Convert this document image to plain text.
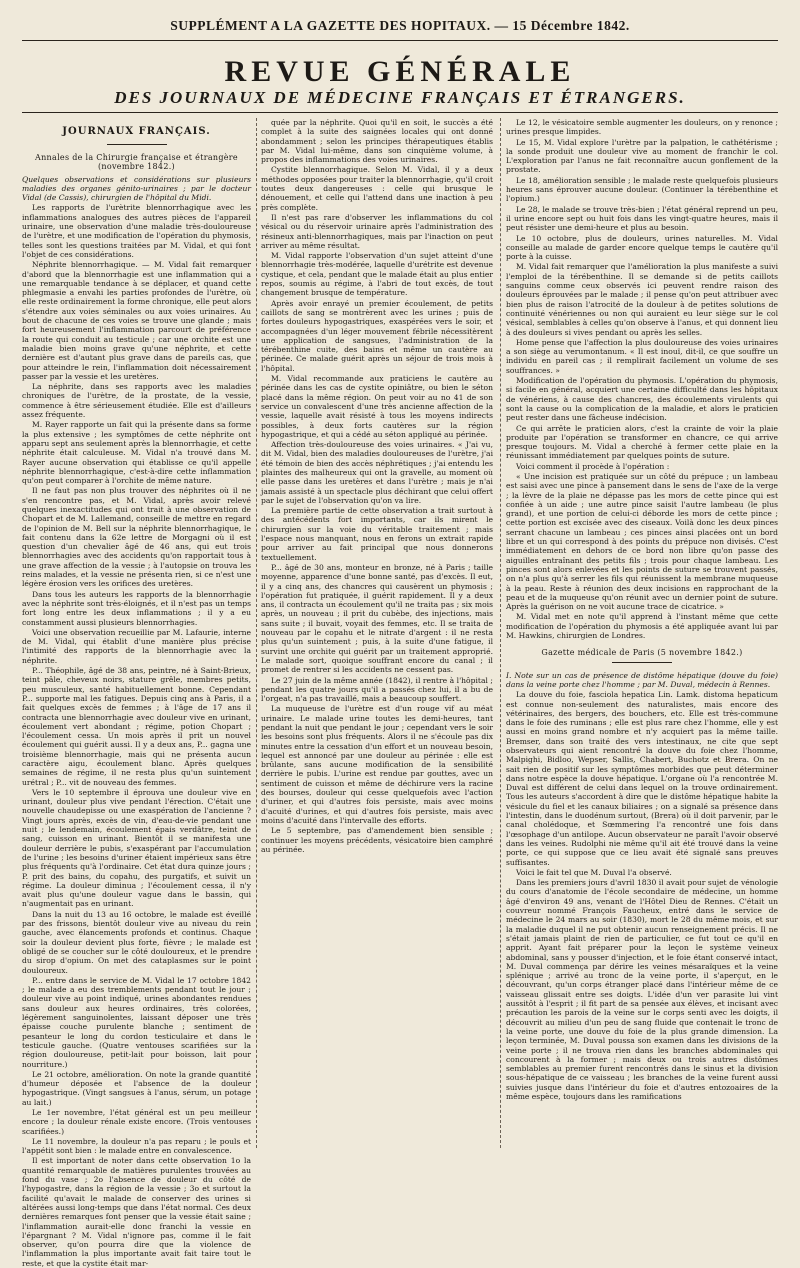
SUPPLÉMENT A LA GAZETTE DES HOPITAUX. — 15 Décembre 1842.
REVUE GÉNÉRALE
DES JOURNAUX DE MÉDECINE FRANÇAIS ET ÉTRANGERS.
JOURNAUX FRANÇAIS.
Annales de la Chirurgie française et étrangère (novembre 1842.)

Quelques observations et considérations sur plusieurs maladies des organes génito-urinaires ; par le docteur Vidal (de Cassis), chirurgien de l'hôpital du Midi.

Les rapports de l'urètrite blennorrhagique avec les inflammations analogues des autres pièces de l'appareil urinaire, une observation d'une maladie très-douloureuse de l'urètre, et une modification de l'opération du phymosis, telles sont les questions traitées par M. Vidal, et qui font l'objet de ces considérations.

Néphrite blennorrhagique. — M. Vidal fait remarquer d'abord que la blennorrhagie est une inflammation qui a une remarquable tendance à se déplacer, et quand cette phlegmasie a envahi les parties profondes de l'urètre, où elle reste ordinairement la forme chronique, elle peut alors s'étendre aux voies séminales ou aux voies urinaires. Au bout de chacune de ces voies se trouve une glande ; mais fort heureusement l'inflammation parcourt de préférence la route qui conduit au testicule ; car une orchite est une maladie bien moins grave qu'une néphrite, et cette dernière est d'autant plus grave dans de pareils cas, que pour atteindre le rein, l'inflammation doit nécessairement passer par la vessie et les uretères.

La néphrite, dans ses rapports avec les maladies chroniques de l'urètre, de la prostate, de la vessie, commence à être sérieusement étudiée. Elle est d'ailleurs assez fréquente.

M. Rayer rapporte un fait qui la présente dans sa forme la plus extensive ; les symptômes de cette néphrite ont apparu sept ans seulement après la blennorrhagie, et cette néphrite était calculeuse. M. Vidal n'a trouvé dans M. Rayer aucune observation qui établisse ce qu'il appelle néphrite blennorrhagique, c'est-à-dire cette inflammation qu'on peut comparer à l'orchite de même nature.

Il ne faut pas non plus trouver des néphrites où il ne s'en rencontre pas, et M. Vidal, après avoir relevé quelques inexactitudes qui ont trait à une observation de Chopart et de M. Lallemand, conseille de mettre en regard de l'opinion de M. Bell sur la néphrite blennorrhagique, le fait contenu dans la 62e lettre de Morgagni où il est question d'un chevalier âgé de 46 ans, qui eut trois blennorrhagies avec des accidents qu'on rapportait tous à une grave affection de la vessie ; à l'autopsie on trouva les reins malades, et la vessie ne présenta rien, si ce n'est une légère érosion vers les orifices des uretères.

Dans tous les auteurs les rapports de la blennorrhagie avec la néphrite sont très-éloignés, et il n'est pas un temps fort long entre les deux inflammations ; il y a eu constamment aussi plusieurs blennorrhagies.

Voici une observation recueillie par M. Lafaurie, interne de M. Vidal, qui établit d'une manière plus précise l'intimité des rapports de la blennorrhagie avec la néphrite.

P... Théophile, âgé de 38 ans, peintre, né à Saint-Brieux, teint pâle, cheveux noirs, stature grêle, membres petits, peu musculeux, santé habituellement bonne. Cependant P... supporte mal les fatigues. Depuis cinq ans à Paris, il a fait quelques excès de femmes ; à l'âge de 17 ans il contracta une blennorrhagie avec douleur vive en urinant, écoulement vert abondant ; régime, potion Chopart ; l'écoulement cessa. Un mois après il prit un nouvel écoulement qui guérit aussi. Il y a deux ans, P... gagna une troisième blennorrhagie, mais qui ne présenta aucun caractère aigu, écoulement blanc. Après quelques semaines de régime, il ne resta plus qu'un suintement urétral ; P... vit de nouveau des femmes.

Vers le 10 septembre il éprouva une douleur vive en urinant, douleur plus vive pendant l'érection. C'était une nouvelle chaudepisse ou une exaspération de l'ancienne ? Vingt jours après, excès de vin, d'eau-de-vie pendant une nuit ; le lendemain, écoulement épais verdâtre, teint de sang, cuisson en urinant. Bientôt il se manifesta une douleur derrière le pubis, s'exaspérant par l'accumulation de l'urine ; les besoins d'uriner étaient impérieux sans être plus fréquents qu'à l'ordinaire. Cet état dura quinze jours ; P. prit des bains, du copahu, des purgatifs, et suivit un régime. La douleur diminua ; l'écoulement cessa, il n'y avait plus qu'une douleur vague dans le bassin, qui n'augmentait pas en urinant.

Dans la nuit du 13 au 16 octobre, le malade est éveillé par des frissons, bientôt douleur vive au niveau du rein gauche, avec élancements profonds et continus. Chaque soir la douleur devient plus forte, fièvre ; le malade est obligé de se coucher sur le côté douloureux, et le prendre du sirop d'opium. On met des cataplasmes sur le point douloureux.

P... entre dans le service de M. Vidal le 17 octobre 1842 ; le malade a eu des tremblements pendant tout le jour ; douleur vive au point indiqué, urines abondantes rendues sans douleur aux heures ordinaires, très colorées, légèrement sanguinolentes, laissant déposer une très épaisse couche purulente blanche ; sentiment de pesanteur le long du cordon testiculaire et dans le testicule gauche. (Quatre ventouses scarifiées sur la région douloureuse, petit-lait pour boisson, lait pour nourriture.)

Le 21 octobre, amélioration. On note la grande quantité d'humeur déposée et l'absence de la douleur hypogastrique. (Vingt sangsues à l'anus, sérum, un potage au lait.)

Le 1er novembre, l'état général est un peu meilleur encore ; la douleur rénale existe encore. (Trois ventouses scarifiées.)

Le 11 novembre, la douleur n'a pas reparu ; le pouls et l'appétit sont bien : le malade entre en convalescence.

Il est important de noter dans cette observation 1o la quantité remarquable de matières purulentes trouvées au fond du vase ; 2o l'absence de douleur du côté de l'hypogastre, dans la région de la vessie ; 3o et surtout la facilité qu'avait le malade de conserver des urines si altérées aussi long-temps que dans l'état normal. Ces deux dernières remarques font penser que la vessie était saine ; l'inflammation aurait-elle donc franchi la vessie en l'épargnant ? M. Vidal n'ignore pas, comme il le fait observer, qu'on pourra dire que la violence de l'inflammation la plus importante avait fait taire tout le reste, et que la cystite était mar-

quée par la néphrite. Quoi qu'il en soit, le succès a été complet à la suite des saignées locales qui ont donné abondamment ; selon les principes thérapeutiques établis par M. Vidal lui-même, dans son cinquième volume, à propos des inflammations des voies urinaires.

Cystite blennorrhagique. Selon M. Vidal, il y a deux méthodes opposées pour traiter la blennorrhagie, qu'il croit toutes deux dangereuses : celle qui brusque le dénouement, et celle qui l'attend dans une inaction à peu près complète.

Il n'est pas rare d'observer les inflammations du col vésical ou du réservoir urinaire après l'administration des résineux anti-blennorrhagiques, mais par l'inaction on peut arriver au même résultat.

M. Vidal rapporte l'observation d'un sujet atteint d'une blennorrhagie très-modérée, laquelle d'urétrite est devenue cystique, et cela, pendant que le malade était au plus entier repos, soumis au régime, à l'abri de tout excès, de tout changement brusque de température.

Après avoir enrayé un premier écoulement, de petits caillots de sang se montrèrent avec les urines ; puis de fortes douleurs hypogastriques, exaspérées vers le soir, et accompagnées d'un léger mouvement fébrile nécessitèrent une application de sangsues, l'administration de la térébenthine cuite, des bains et même un cautère au périnée. Ce malade guérit après un séjour de trois mois à l'hôpital.

M. Vidal recommande aux praticiens le cautère au périnée dans les cas de cystite opiniâtre, ou bien le séton placé dans la même région. On peut voir au no 41 de son service un convalescent d'une très ancienne affection de la vessie, laquelle avait résisté à tous les moyens indirects possibles, à deux forts cautères sur la région hypogastrique, et qui a cédé au séton appliqué au périnée.

Affection très-douloureuse des voies urinaires. « J'ai vu, dit M. Vidal, bien des maladies douloureuses de l'urètre, j'ai été témoin de bien des accès néphrétiques ; j'ai entendu les plaintes des malheureux qui ont la gravelle, au moment où elle passe dans les uretères et dans l'urètre ; mais je n'ai jamais assisté à un spectacle plus déchirant que celui offert par le sujet de l'observation qu'on va lire.

La première partie de cette observation a trait surtout à des antécédents fort importants, car ils mirent le chirurgien sur la voie du véritable traitement ; mais l'espace nous manquant, nous en ferons un extrait rapide pour arriver au fait principal que nous donnerons textuellement.

P... âgé de 30 ans, monteur en bronze, né à Paris ; taille moyenne, apparence d'une bonne santé, pas d'excès. Il eut, il y a cinq ans, des chancres qui causèrent un phymosis ; l'opération fut pratiquée, il guérit rapidement. Il y a deux ans, il contracta un écoulement qu'il ne traita pas ; six mois après, un nouveau ; il prit du cubèbe, des injections, mais sans suite ; il buvait, voyait des femmes, etc. Il se traita de nouveau par le copahu et le nitrate d'argent : il ne resta plus qu'un suintement ; puis, à la suite d'une fatigue, il survint une orchite qui guérit par un traitement approprié. Le malade sort, quoique souffrant encore du canal ; il promet de rentrer si les accidents ne cessent pas.

Le 27 juin de la même année (1842), il rentre à l'hôpital ; pendant les quatre jours qu'il a passés chez lui, il a bu de l'orgeat, n'a pas travaillé, mais a beaucoup souffert.

La muqueuse de l'urètre est d'un rouge vif au méat urinaire. Le malade urine toutes les demi-heures, tant pendant la nuit que pendant le jour ; cependant vers le soir les besoins sont plus fréquents. Alors il ne s'écoule pas dix minutes entre la cessation d'un effort et un nouveau besoin, lequel est annoncé par une douleur au périnée : elle est brûlante, sans aucune modification de la sensibilité derrière le pubis. L'urine est rendue par gouttes, avec un sentiment de cuisson et même de déchirure vers la racine des bourses, douleur qui cesse quelquefois avec l'action d'uriner, et qui d'autres fois persiste, mais avec moins d'acuité d'urines, et qui d'autres fois persiste, mais avec moins d'acuité dans l'intervalle des efforts.

Le 5 septembre, pas d'amendement bien sensible ; continuer les moyens précédents, vésicatoire bien camphré au périnée.

Le 12, le vésicatoire semble augmenter les douleurs, on y renonce ; urines presque limpides.

Le 15, M. Vidal explore l'urètre par la palpation, le cathétérisme ; la sonde produit une douleur vive au moment de franchir le col. L'exploration par l'anus ne fait reconnaître aucun gonflement de la prostate.

Le 18, amélioration sensible ; le malade reste quelquefois plusieurs heures sans éprouver aucune douleur. (Continuer la térébenthine et l'opium.)

Le 28, le malade se trouve très-bien ; l'état général reprend un peu, il urine encore sept ou huit fois dans les vingt-quatre heures, mais il peut résister une demi-heure et plus au besoin.

Le 10 octobre, plus de douleurs, urines naturelles. M. Vidal conseille au malade de garder encore quelque temps le cautère qu'il porte à la cuisse.

M. Vidal fait remarquer que l'amélioration la plus manifeste a suivi l'emploi de la térébenthine. Il se demande si de petits caillots sanguins comme ceux observés ici peuvent rendre raison des douleurs éprouvées par le malade ; il pense qu'on peut attribuer avec bien plus de raison l'atrocité de la douleur à de petites solutions de continuité vénériennes ou non qui auraient eu leur siège sur le col vésical, semblables à celles qu'on observe à l'anus, et qui donnent lieu à des douleurs si vives pendant ou après les selles.

Home pense que l'affection la plus douloureuse des voies urinaires a son siège au verumontanum. « Il est inouï, dit-il, ce que souffre un individu en pareil cas ; il remplirait facilement un volume de ses souffrances. »

Modification de l'opération du phymosis. L'opération du phymosis, si facile en général, acquiert une certaine difficulté dans les hôpitaux de vénériens, à cause des chancres, des écoulements virulents qui sont la cause ou la complication de la maladie, et alors le praticien peut rester dans une fâcheuse indécision.

Ce qui arrête le praticien alors, c'est la crainte de voir la plaie produite par l'opération se transformer en chancre, ce qui arrive presque toujours. M. Vidal a cherché à fermer cette plaie en la réunissant immédiatement par quelques points de suture.

Voici comment il procède à l'opération :

« Une incision est pratiquée sur un côté du prépuce ; un lambeau est saisi avec une pince à pansement dans le sens de l'axe de la verge ; la lèvre de la plaie ne dépasse pas les mors de cette pince qui est confiée à un aide ; une autre pince saisit l'autre lambeau (le plus grand), et une portion de celui-ci déborde les mors de cette pince ; cette portion est excisée avec des ciseaux. Voilà donc les deux pinces serrant chacune un lambeau ; ces pinces ainsi placées ont un bord libre et un qui correspond à des points du prépuce non divisés. C'est immédiatement en dehors de ce bord non libre qu'on passe des aiguilles entraînant des petits fils ; trois pour chaque lambeau. Les pinces sont alors enlevées et les points de suture se trouvent passés, on n'a plus qu'à serrer les fils qui réunissent la membrane muqueuse à la peau. Reste à réunion des deux incisions en rapprochant de la peau et de la muqueuse qu'on réunit avec un dernier point de suture. Après la guérison on ne voit aucune trace de cicatrice. »

M. Vidal met en note qu'il apprend à l'instant même que cette modification de l'opération du phymosis a été appliquée avant lui par M. Hawkins, chirurgien de Londres.

Gazette médicale de Paris (5 novembre 1842.)

I. Note sur un cas de présence de distôme hépatique (douve du foie) dans la veine porte chez l'homme ; par M. Duval, médecin à Rennes.

La douve du foie, fasciola hepatica Lin. Lamk. distoma hepaticum est connue non-seulement des naturalistes, mais encore des vétérinaires, des bergers, des bouchers, etc. Elle est très-commune dans le foie des ruminans ; elle est plus rare chez l'homme, elle y est aussi en moins grand nombre et n'y acquiert pas la même taille. Bremser, dans son traité des vers intestinaux, ne cite que sept observateurs qui aient rencontré la douve du foie chez l'homme, Malpighi, Bidloo, Wepser, Sallis, Chabert, Buchotz et Brera. On ne sait rien de positif sur les symptômes morbides que peut déterminer dans notre espèce la douve hépatique. L'organe où l'a rencontrée M. Duval est différent de celui dans lequel on la trouve ordinairement. Tous les auteurs s'accordent à dire que le distôme hépatique habite la vésicule du fiel et les canaux biliaires ; on a signalé sa présence dans l'intestin, dans le duodénum surtout, (Brera) où il doit parvenir, par le canal cholédoque, et Sœmmering l'a rencontré une fois dans l'œsophage d'un antilope. Aucun observateur ne paraît l'avoir observé dans les veines. Rudolphi nie même qu'il ait été trouvé dans la veine porte, ce qui suppose que ce lieu avait été signalé sans preuves suffisantes.

Voici le fait tel que M. Duval l'a observé.

Dans les premiers jours d'avril 1830 il avait pour sujet de vénologie du cours d'anatomie de l'école secondaire de médecine, un homme âgé d'environ 49 ans, venant de l'Hôtel Dieu de Rennes. C'était un couvreur nommé François Faucheux, entré dans le service de médecine le 24 mars au soir (1830), mort le 28 du même mois, et sur la maladie duquel il ne put obtenir aucun renseignement précis. Il ne s'était jamais plaint de rien de particulier, ce fut tout ce qu'il en apprit. Ayant fait préparer pour la leçon le système veineux abdominal, sans y pousser d'injection, et le foie étant conservé intact, M. Duval commença par dérire les veines mésaraïques et la veine splénique ; arrivé au tronc de la veine porte, il s'aperçut, en le découvrant, qu'un corps étranger placé dans l'intérieur même de ce vaisseau glissait entre ses doigts. L'idée d'un ver parasite lui vint aussitôt à l'esprit ; il fit part de sa pensée aux élèves, et incisant avec précaution les parois de la veine sur le corps senti avec les doigts, il découvrit au milieu d'un peu de sang fluide que contenait le tronc de la veine porte, une douve du foie de la plus grande dimension. La leçon terminée, M. Duval poussa son examen dans les divisions de la veine porte ; il ne trouva rien dans les branches abdominales qui concourent à la former ; mais deux ou trois autres distômes semblables au premier furent rencontrés dans le sinus et la division sous-hépatique de ce vaisseau ; les branches de la veine furent aussi suivies jusque dans l'intérieur du foie et d'autres entozoaires de la même espèce, toujours dans les ramifications
